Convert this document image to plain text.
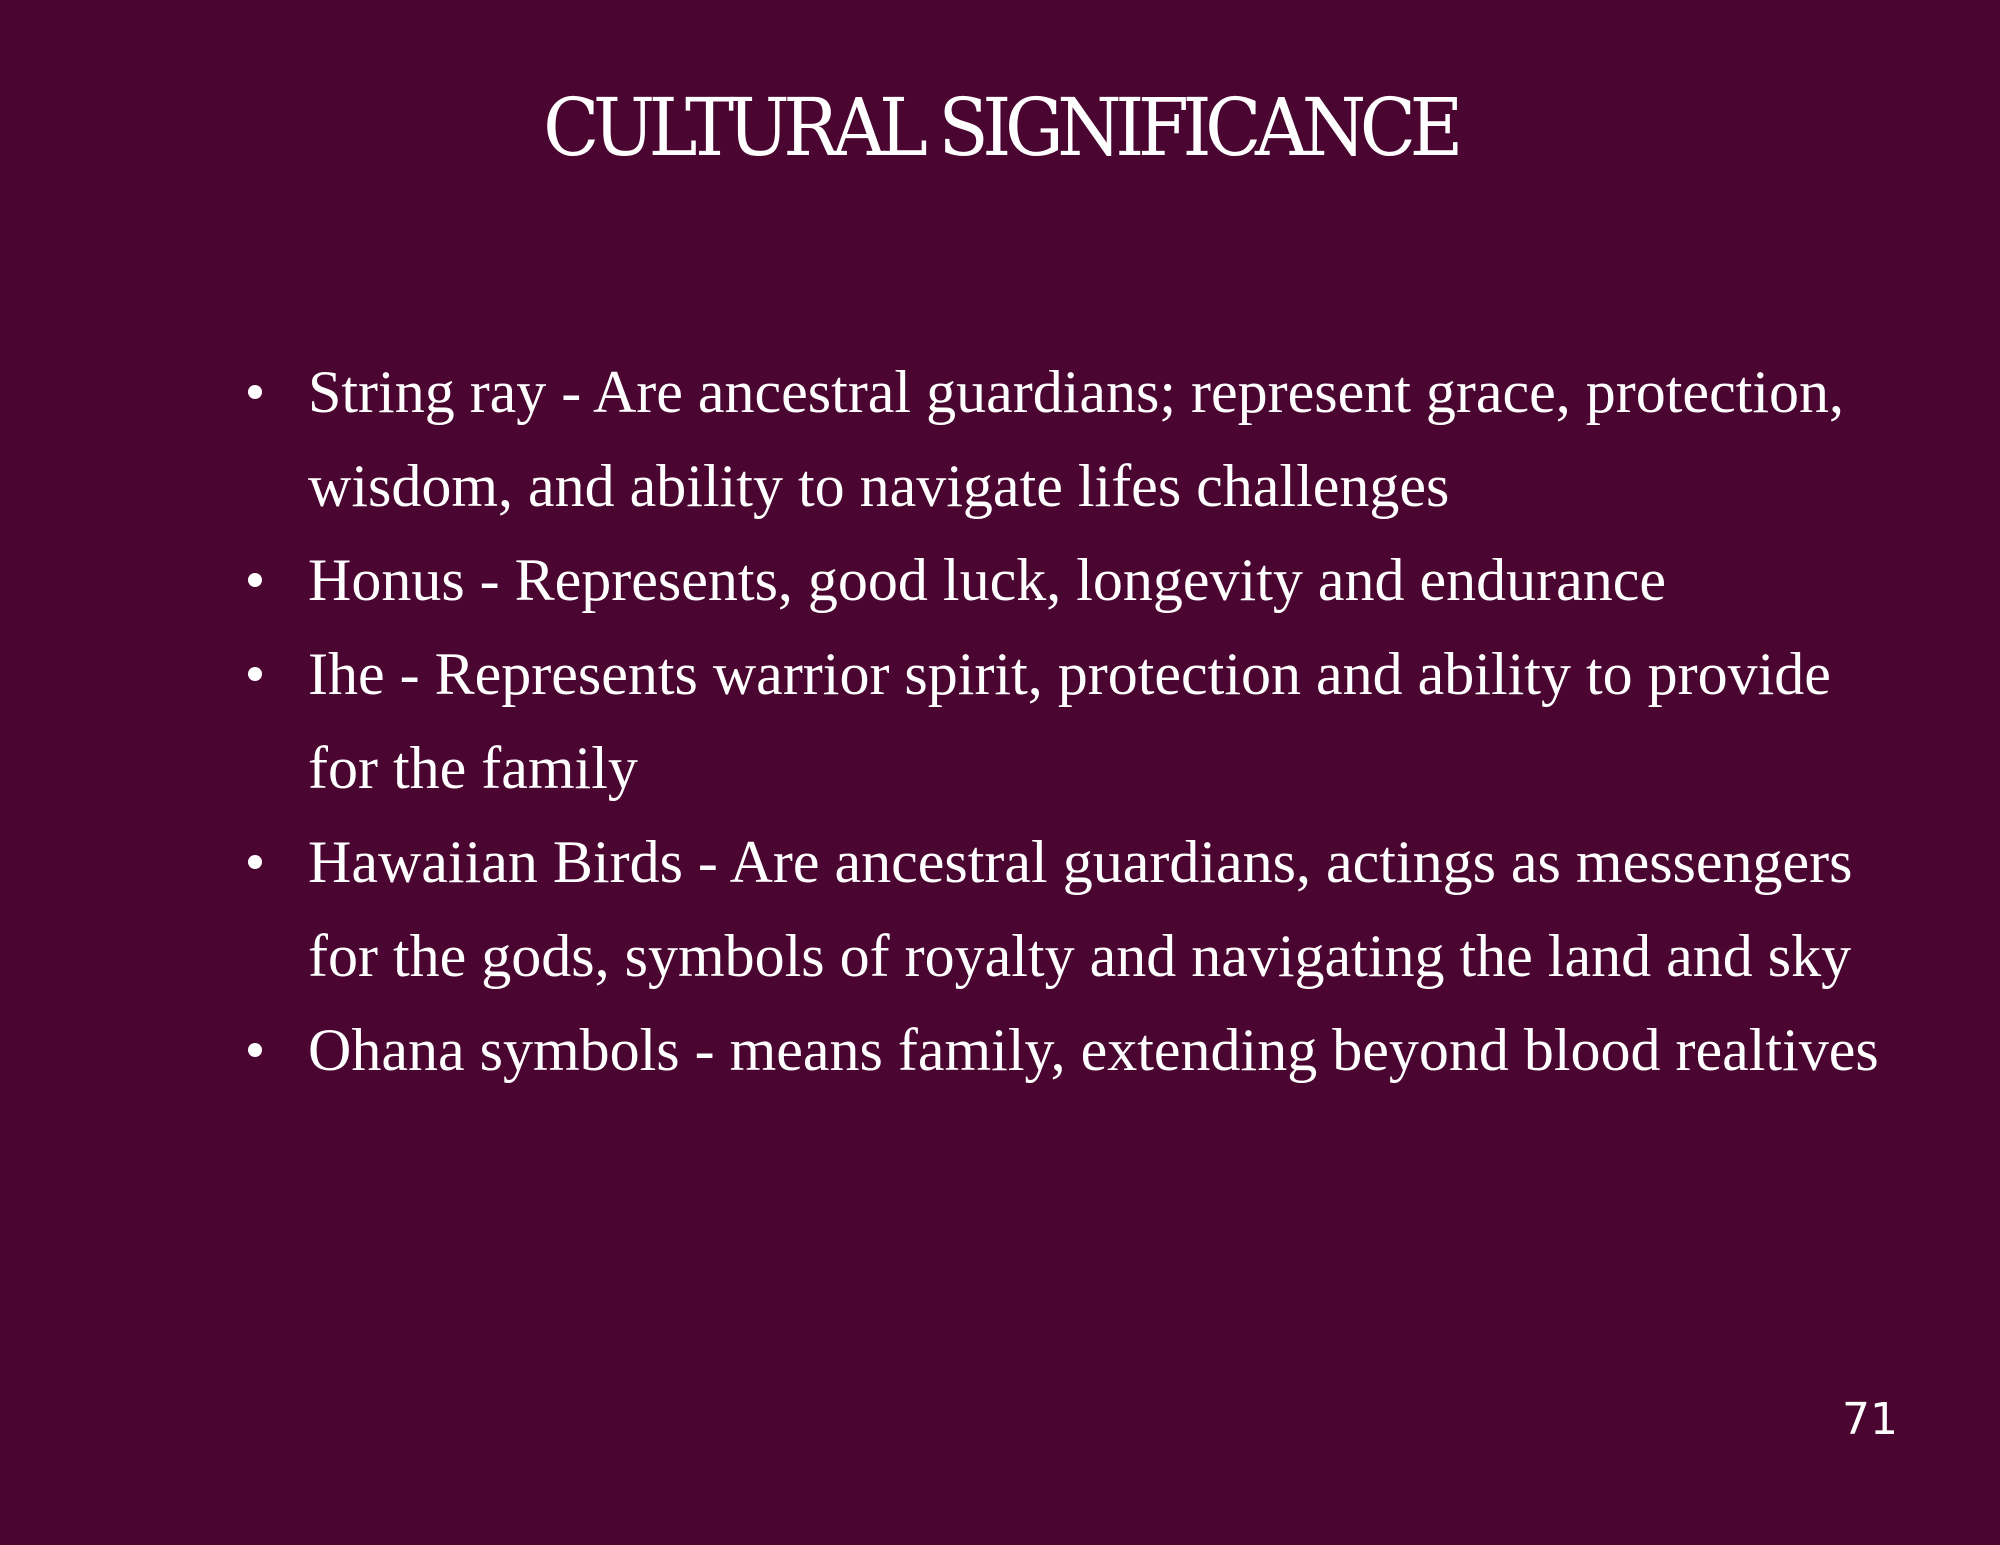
CULTURAL SIGNIFICANCE
String ray - Are ancestral guardians; represent grace, protection, wisdom, and ability to navigate lifes challenges
Honus - Represents, good luck, longevity and endurance
Ihe - Represents warrior spirit, protection and ability to provide for the family
Hawaiian Birds - Are ancestral guardians, actings as messengers for the gods, symbols of royalty and navigating the land and sky
Ohana symbols - means family, extending beyond blood realtives
71
